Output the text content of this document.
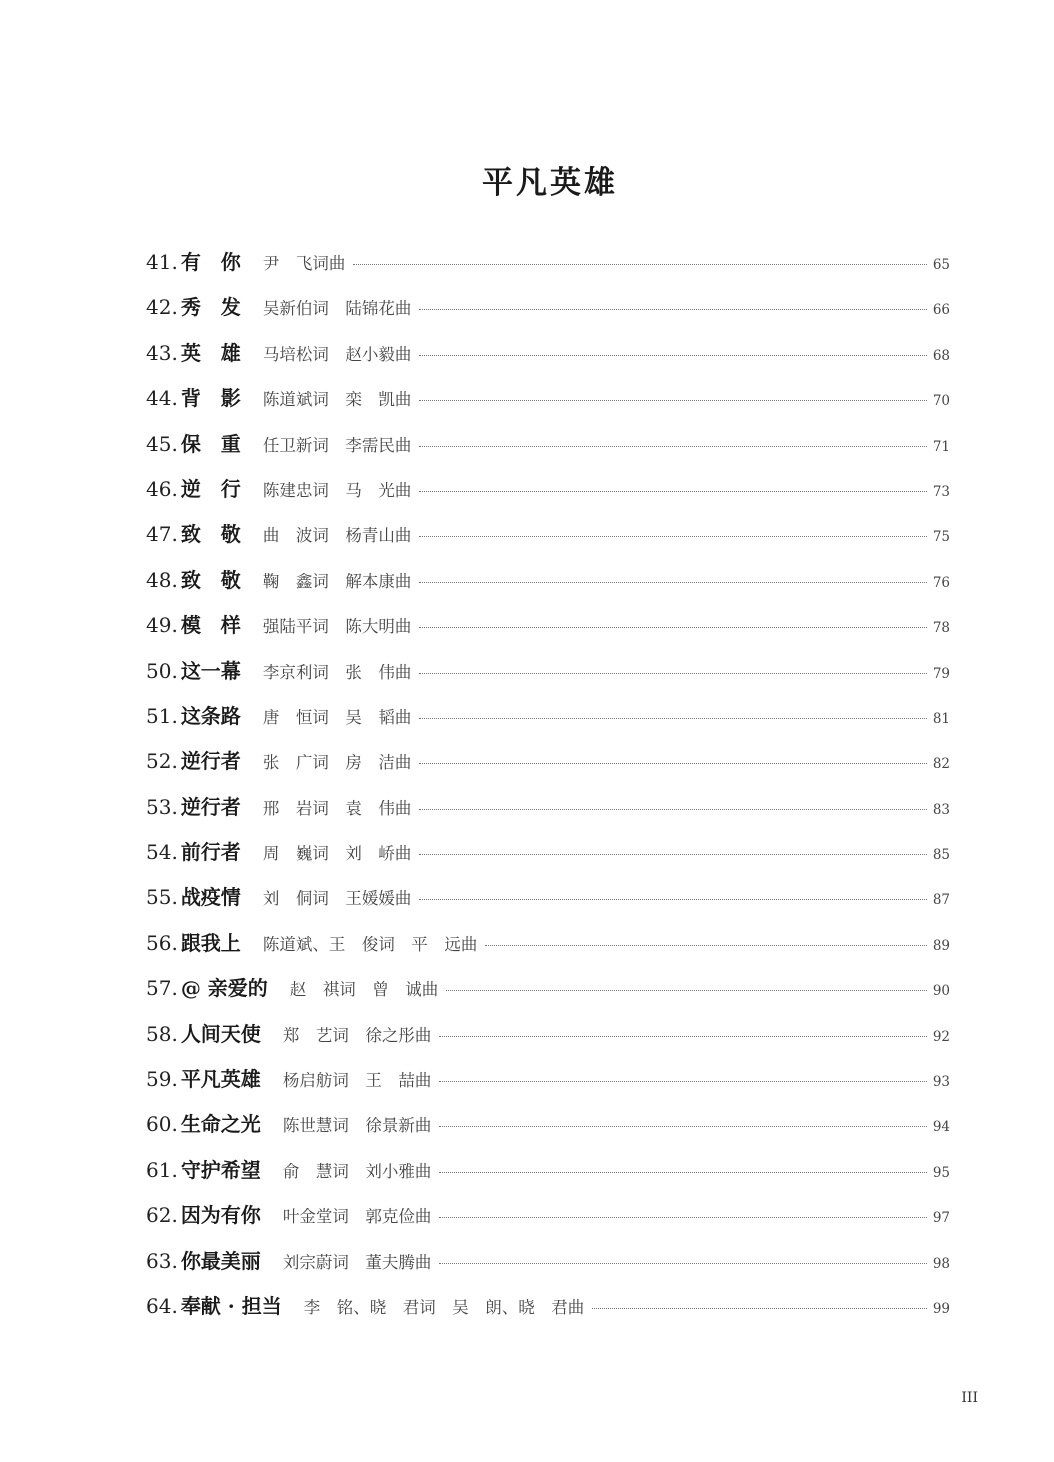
平凡英雄
41. 有　你 尹　飞词曲	65
42. 秀　发 吴新伯词　陆锦花曲	66
43. 英　雄 马培松词　赵小毅曲	68
44. 背　影 陈道斌词　栾　凯曲	70
45. 保　重 任卫新词　李需民曲	71
46. 逆　行 陈建忠词　马　光曲	73
47. 致　敬 曲　波词　杨青山曲	75
48. 致　敬 鞠　鑫词　解本康曲	76
49. 模　样 强陆平词　陈大明曲	78
50. 这一幕 李京利词　张　伟曲	79
51. 这条路 唐　恒词　吴　韬曲	81
52. 逆行者 张　广词　房　洁曲	82
53. 逆行者 邢　岩词　袁　伟曲	83
54. 前行者 周　巍词　刘　峤曲	85
55. 战疫情 刘　侗词　王媛媛曲	87
56. 跟我上 陈道斌、王　俊词　平　远曲	89
57. @ 亲爱的 赵　祺词　曾　诚曲	90
58. 人间天使 郑　艺词　徐之彤曲	92
59. 平凡英雄 杨启舫词　王　喆曲	93
60. 生命之光 陈世慧词　徐景新曲	94
61. 守护希望 俞　慧词　刘小雅曲	95
62. 因为有你 叶金堂词　郭克俭曲	97
63. 你最美丽 刘宗蔚词　董夫腾曲	98
64. 奉献 · 担当 李　铭、晓　君词　吴　朗、晓　君曲	99
III
